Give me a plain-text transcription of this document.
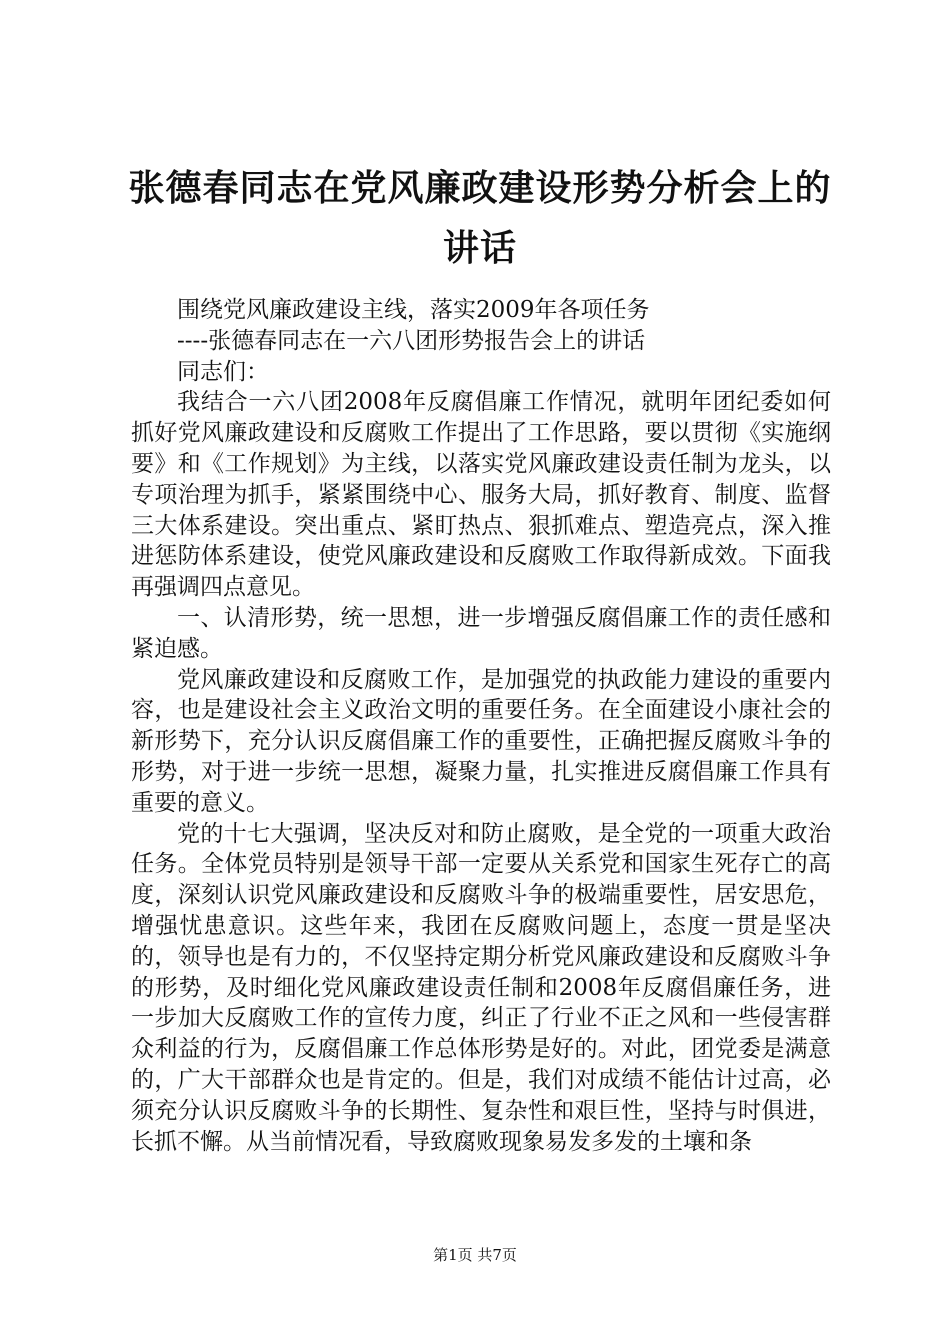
张德春同志在党风廉政建设形势分析会上的讲话

围绕党风廉政建设主线，落实2009年各项任务

----张德春同志在一六八团形势报告会上的讲话

同志们：

我结合一六八团2008年反腐倡廉工作情况，就明年团纪委如何抓好党风廉政建设和反腐败工作提出了工作思路，要以贯彻《实施纲要》和《工作规划》为主线，以落实党风廉政建设责任制为龙头，以专项治理为抓手，紧紧围绕中心、服务大局，抓好教育、制度、监督三大体系建设。突出重点、紧盯热点、狠抓难点、塑造亮点，深入推进惩防体系建设，使党风廉政建设和反腐败工作取得新成效。下面我再强调四点意见。

一、认清形势，统一思想，进一步增强反腐倡廉工作的责任感和紧迫感。

党风廉政建设和反腐败工作，是加强党的执政能力建设的重要内容，也是建设社会主义政治文明的重要任务。在全面建设小康社会的新形势下，充分认识反腐倡廉工作的重要性，正确把握反腐败斗争的形势，对于进一步统一思想，凝聚力量，扎实推进反腐倡廉工作具有重要的意义。

党的十七大强调，坚决反对和防止腐败，是全党的一项重大政治任务。全体党员特别是领导干部一定要从关系党和国家生死存亡的高度，深刻认识党风廉政建设和反腐败斗争的极端重要性，居安思危，增强忧患意识。这些年来，我团在反腐败问题上，态度一贯是坚决的，领导也是有力的，不仅坚持定期分析党风廉政建设和反腐败斗争的形势，及时细化党风廉政建设责任制和2008年反腐倡廉任务，进一步加大反腐败工作的宣传力度，纠正了行业不正之风和一些侵害群众利益的行为，反腐倡廉工作总体形势是好的。对此，团党委是满意的，广大干部群众也是肯定的。但是，我们对成绩不能估计过高，必须充分认识反腐败斗争的长期性、复杂性和艰巨性，坚持与时俱进，长抓不懈。从当前情况看，导致腐败现象易发多发的土壤和条

第1页 共7页
